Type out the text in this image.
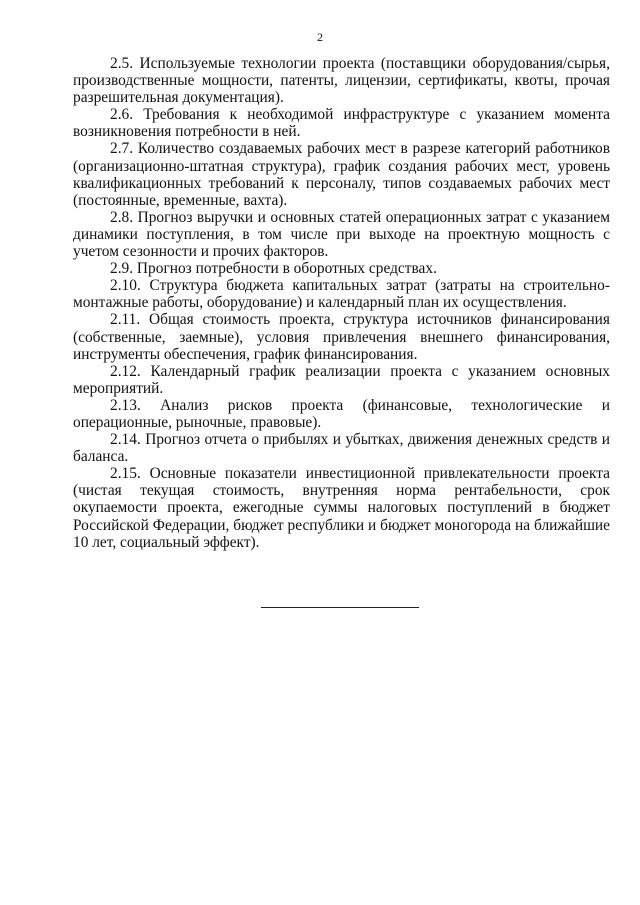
2

2.5. Используемые технологии проекта (поставщики оборудования/сырья, производственные мощности, патенты, лицензии, сертификаты, квоты, прочая разрешительная документация).

2.6. Требования к необходимой инфраструктуре с указанием момента возникновения потребности в ней.

2.7. Количество создаваемых рабочих мест в разрезе категорий работников (организационно-штатная структура), график создания рабочих мест, уровень квалификационных требований к персоналу, типов создаваемых рабочих мест (постоянные, временные, вахта).

2.8. Прогноз выручки и основных статей операционных затрат с указанием динамики поступления, в том числе при выходе на проектную мощность с учетом сезонности и прочих факторов.

2.9. Прогноз потребности в оборотных средствах.

2.10. Структура бюджета капитальных затрат (затраты на строительно-монтажные работы, оборудование) и календарный план их осуществления.

2.11. Общая стоимость проекта, структура источников финансирования (собственные, заемные), условия привлечения внешнего финансирования, инструменты обеспечения, график финансирования.

2.12. Календарный график реализации проекта с указанием основных мероприятий.

2.13. Анализ рисков проекта (финансовые, технологические и операционные, рыночные, правовые).

2.14. Прогноз отчета о прибылях и убытках, движения денежных средств и баланса.

2.15. Основные показатели инвестиционной привлекательности проекта (чистая текущая стоимость, внутренняя норма рентабельности, срок окупаемости проекта, ежегодные суммы налоговых поступлений в бюджет Российской Федерации, бюджет республики и бюджет моногорода на ближайшие 10 лет, социальный эффект).
